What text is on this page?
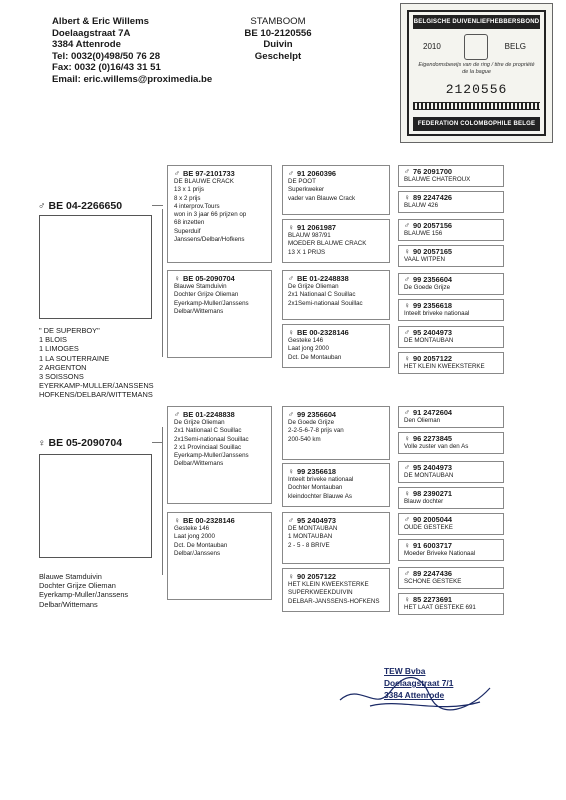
Albert & Eric Willems
Doelaagstraat 7A
3384 Attenrode
Tel: 0032(0)498/50 76 28
Fax: 0032 (0)16/43 31 51
Email: eric.willems@proximedia.be
STAMBOOM
BE 10-2120556
Duivin
Geschelpt
BELGISCHE DUIVENLIEFHEBBERSBOND
2010	BELG
Eigendomsbewijs van de ring / titre de propriété de la bague
2120556
FEDERATION COLOMBOPHILE BELGE
♂ BE 04-2266650
" DE SUPERBOY"
1 BLOIS
1 LIMOGES
1 LA SOUTERRAINE
2 ARGENTON
3 SOISSONS
EYERKAMP-MULLER/JANSSENS
HOFKENS/DELBAR/WITTEMANS
♀ BE 05-2090704
Blauwe Stamduivin
Dochter Grijze Olieman
Eyerkamp-Muller/Janssens
Delbar/Wittemans
♂ BE 97-2101733
DE BLAUWE CRACK
13 x 1 prijs
8 x 2 prijs
4 interprov.Tours
won in 3 jaar 66 prijzen op
68 inzetten
Superduif
Janssens/Delbar/Hofkens
♀ BE 05-2090704
Blauwe Stamduivin
Dochter Grijze Olieman
Eyerkamp-Muller/Janssens
Delbar/Wittemans
♂ BE 01-2248838
De Grijze Olieman
2x1 Nationaal C Souillac
2x1Semi-nationaal Souillac
2 x1 Provinciaal Souillac
Eyerkamp-Muller/Janssens
Delbar/Wittemans
♀ BE 00-2328146
Gesteke 146
Laat jong 2000
Dct. De Montauban
Delbar/Janssens
♂ 91 2060396
DE POOT
Superkweker
vader van Blauwe Crack
♀ 91 2061987
BLAUW 987/91
MOEDER BLAUWE CRACK
13 X 1 PRIJS
♂ BE 01-2248838
De Grijze Olieman
2x1 Nationaal C Souillac
2x1Semi-nationaal Souillac
♀ BE 00-2328146
Gesteke 146
Laat jong 2000
Dct. De Montauban
♂ 99 2356604
De Goede Grijze
2-2-5-6-7-8 prijs van
200-540 km
♀ 99 2356618
Inteelt briveke nationaal
Dochter Montauban
kleindochter Blauwe As
♂ 95 2404973
DE MONTAUBAN
1 MONTAUBAN
2 - 5 - 8 BRIVE
♀ 90 2057122
HET KLEIN KWEEKSTERKE
SUPERKWEEKDUIVIN
DELBAR-JANSSENS-HOFKENS
♂ 76 2091700
BLAUWE CHATEROUX
♀ 89 2247426
BLAUW 426
♂ 90 2057156
BLAUWE 156
♀ 90 2057165
VAAL WITPEN
♂ 99 2356604
De Goede Grijze
♀ 99 2356618
Inteelt briveke nationaal
♂ 95 2404973
DE MONTAUBAN
♀ 90 2057122
HET KLEIN KWEEKSTERKE
♂ 91 2472604
Den Olieman
♀ 96 2273845
Volle zuster van den As
♂ 95 2404973
DE MONTAUBAN
♀ 98 2390271
Blauw dochter
♂ 90 2005044
OUDE GESTEKE
♀ 91 6003717
Moeder Briveke Nationaal
♂ 89 2247436
SCHONE GESTEKE
♀ 85 2273691
HET LAAT GESTEKE 691
TEW Bvba
Doelaagstraat 7/1
3384 Attenrode
